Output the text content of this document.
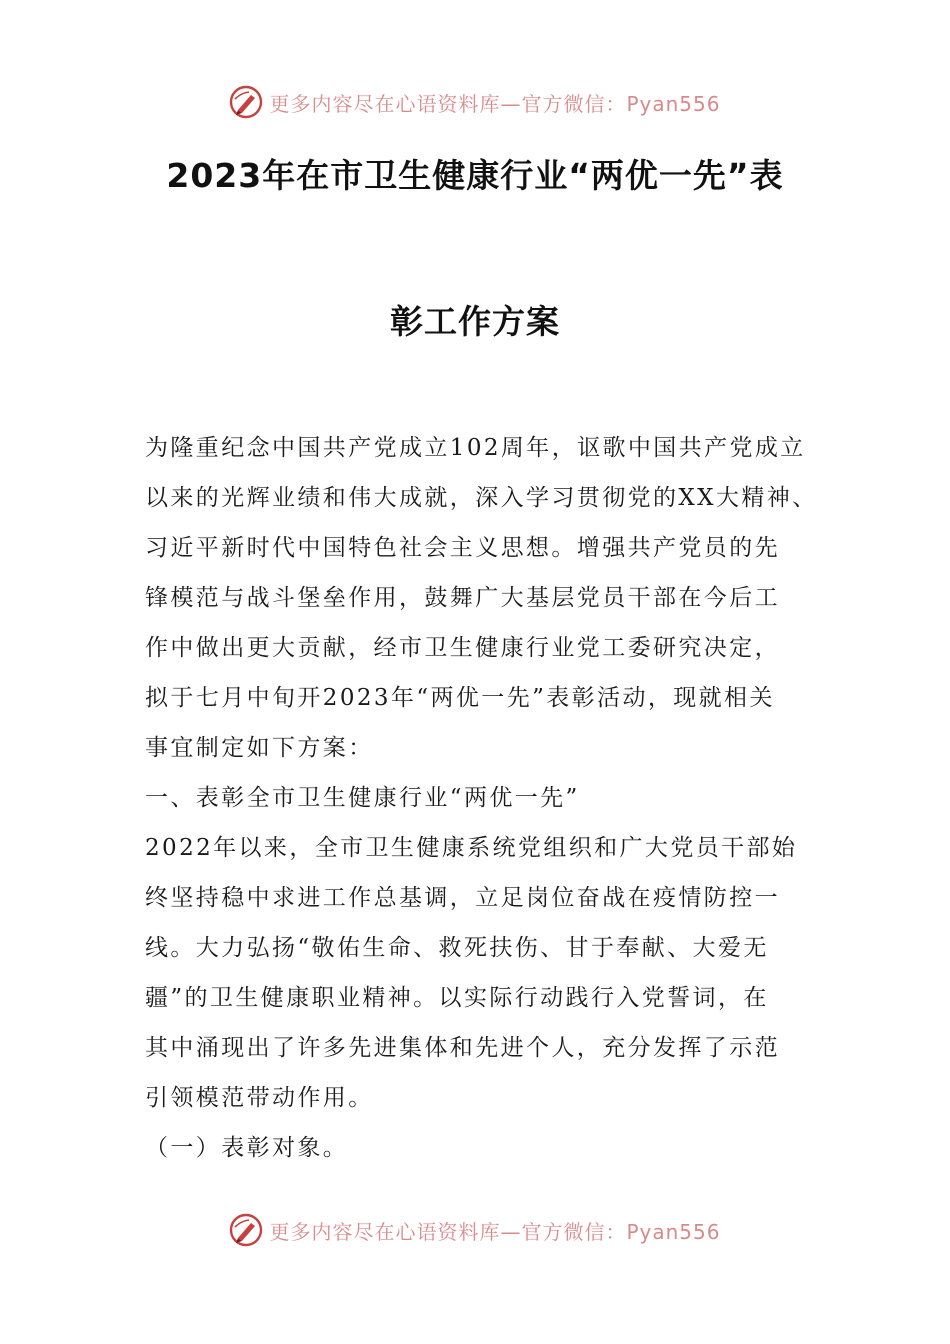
更多内容尽在心语资料库—官方微信：Pyan556
2023年在市卫生健康行业“两优一先”表
彰工作方案
为隆重纪念中国共产党成立102周年，讴歌中国共产党成立
以来的光辉业绩和伟大成就，深入学习贯彻党的XX大精神、
习近平新时代中国特色社会主义思想。增强共产党员的先
锋模范与战斗堡垒作用，鼓舞广大基层党员干部在今后工
作中做出更大贡献，经市卫生健康行业党工委研究决定，
拟于七月中旬开2023年“两优一先”表彰活动，现就相关
事宜制定如下方案：
一、表彰全市卫生健康行业“两优一先”
2022年以来，全市卫生健康系统党组织和广大党员干部始
终坚持稳中求进工作总基调，立足岗位奋战在疫情防控一
线。大力弘扬“敬佑生命、救死扶伤、甘于奉献、大爱无
疆”的卫生健康职业精神。以实际行动践行入党誓词，在
其中涌现出了许多先进集体和先进个人，充分发挥了示范
引领模范带动作用。
（一）表彰对象。
更多内容尽在心语资料库—官方微信：Pyan556
